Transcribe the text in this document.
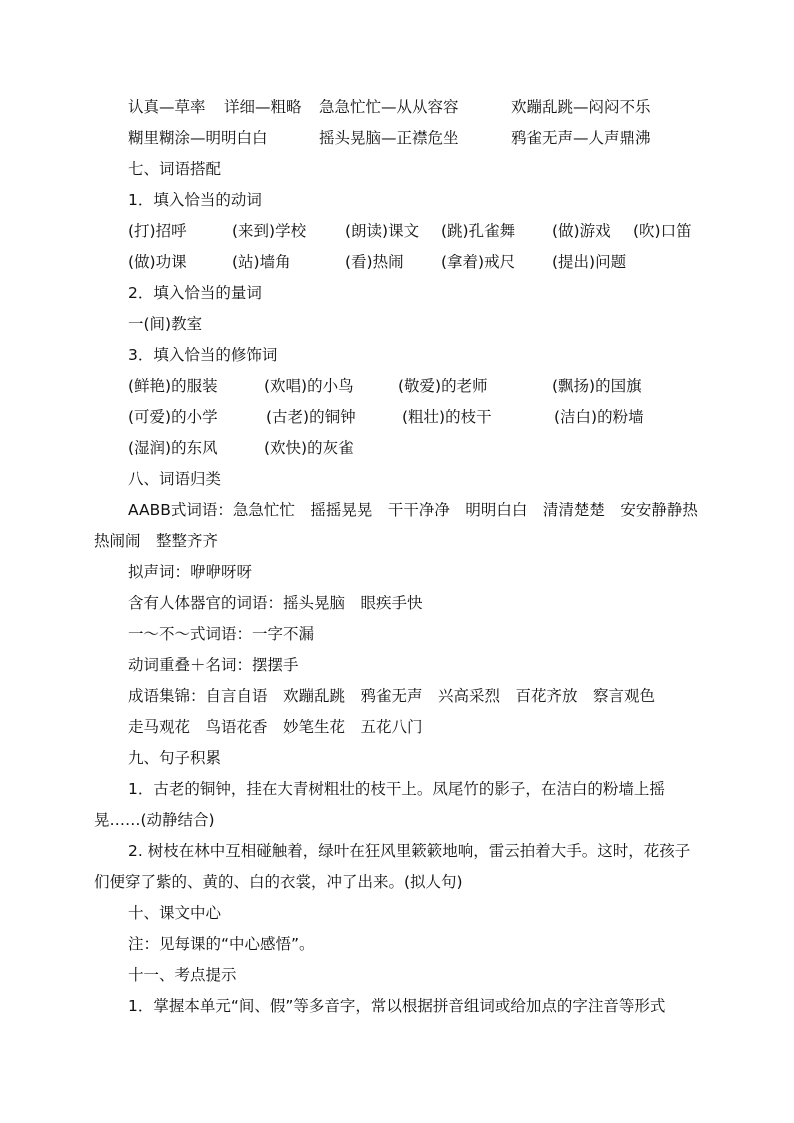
认真—草率 详细—粗略 急急忙忙—从从容容	欢蹦乱跳—闷闷不乐
糊里糊涂—明明白白	摇头晃脑—正襟危坐	鸦雀无声—人声鼎沸
七、词语搭配
1．填入恰当的动词
(打)招呼	(来到)学校	(朗读)课文 (跳)孔雀舞 (做)游戏 (吹)口笛
(做)功课	(站)墙角	(看)热闹 (拿着)戒尺 (提出)问题
2．填入恰当的量词
一(间)教室
3．填入恰当的修饰词
(鲜艳)的服装	(欢唱)的小鸟	(敬爱)的老师	(飘扬)的国旗
(可爱)的小学	(古老)的铜钟	(粗壮)的枝干	(洁白)的粉墙
(湿润)的东风	(欢快)的灰雀
八、词语归类
AABB式词语：急急忙忙　摇摇晃晃　干干净净　明明白白　清清楚楚　安安静静热热闹闹　整整齐齐
拟声词：咿咿呀呀
含有人体器官的词语：摇头晃脑　眼疾手快
一～不～式词语：一字不漏
动词重叠＋名词：摆摆手
成语集锦：自言自语　欢蹦乱跳　鸦雀无声　兴高采烈　百花齐放　察言观色
走马观花　鸟语花香　妙笔生花　五花八门
九、句子积累
1．古老的铜钟，挂在大青树粗壮的枝干上。凤尾竹的影子，在洁白的粉墙上摇晃……(动静结合)
2. 树枝在林中互相碰触着，绿叶在狂风里簌簌地响，雷云拍着大手。这时，花孩子们便穿了紫的、黄的、白的衣裳，冲了出来。(拟人句)
十、课文中心
注：见每课的“中心感悟”。
十一、考点提示
1．掌握本单元“间、假”等多音字，常以根据拼音组词或给加点的字注音等形式
